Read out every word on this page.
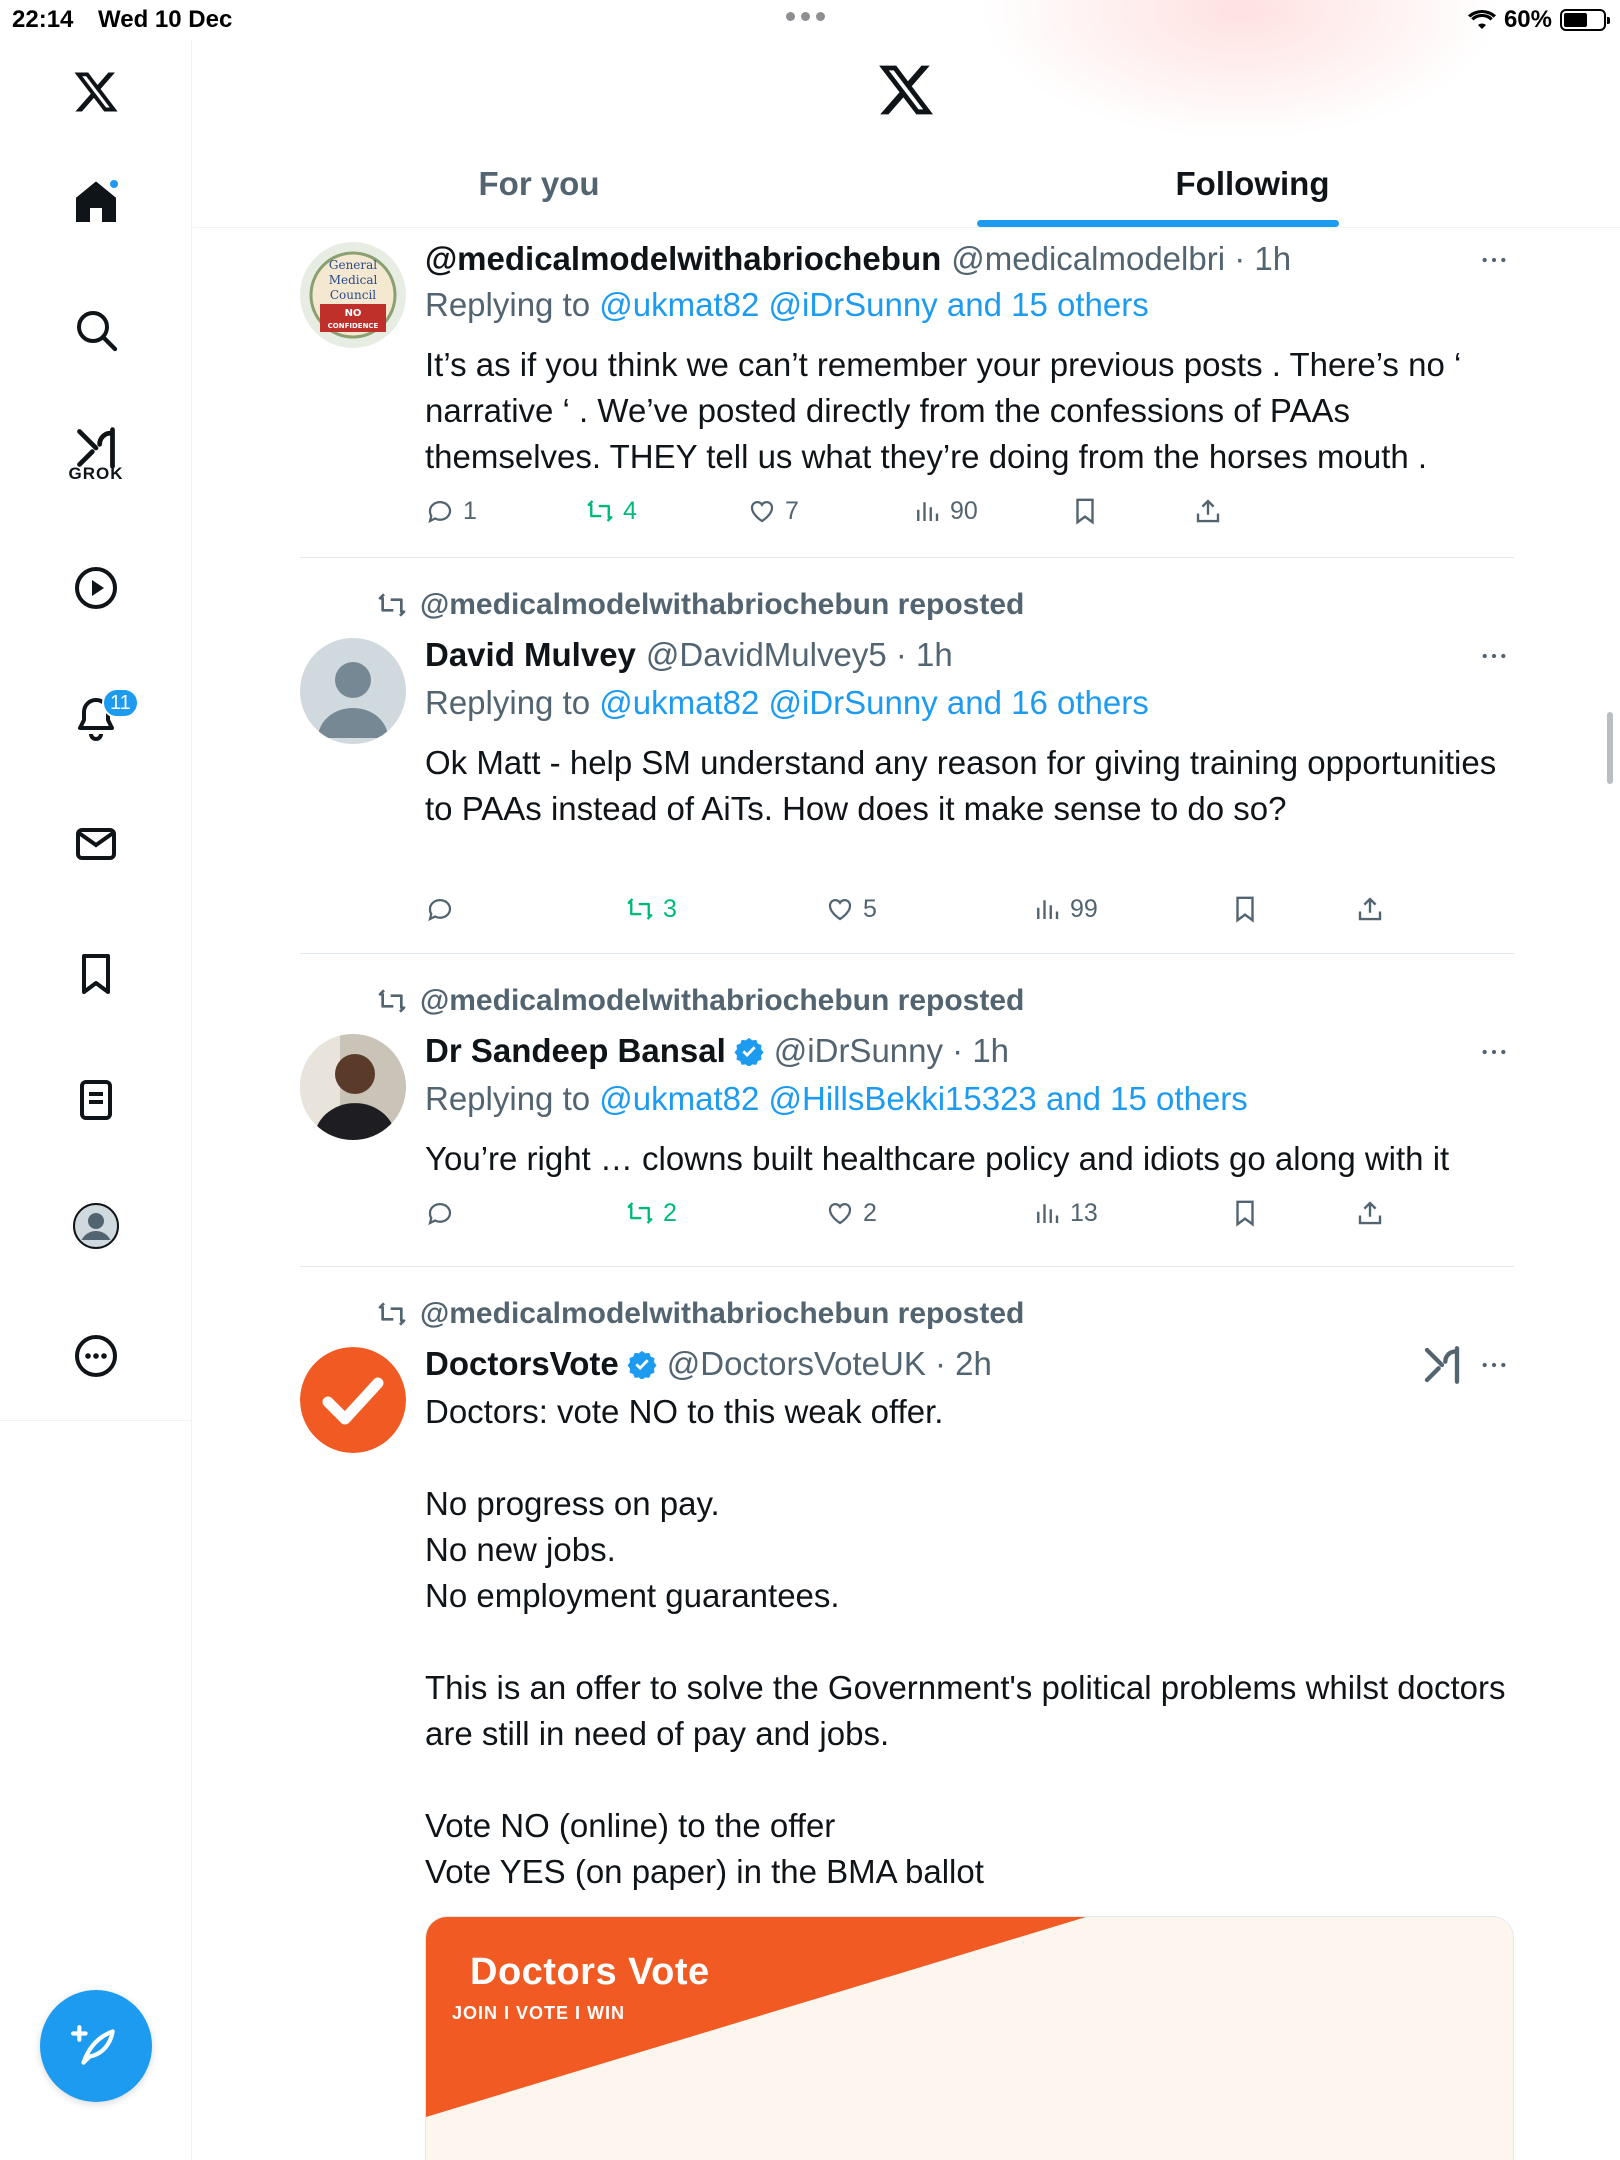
22:14 Wed 10 Dec	60%
GROK
11
For you	Following
General
Medical
Council
NO
CONFIDENCE
@medicalmodelwithabriochebun @medicalmodelbri · 1h
Replying to @ukmat82 @iDrSunny and 15 others
It’s as if you think we can’t remember your previous posts . There’s no ‘ narrative ‘ . We’ve posted directly from the confessions of PAAs themselves. THEY tell us what they’re doing from the horses mouth .
1	4	7	90
@medicalmodelwithabriochebun reposted
David Mulvey @DavidMulvey5 · 1h
Replying to @ukmat82 @iDrSunny and 16 others
Ok Matt - help SM understand any reason for giving training opportunities to PAAs instead of AiTs. How does it make sense to do so?
3	5	99
@medicalmodelwithabriochebun reposted
Dr Sandeep Bansal @iDrSunny · 1h
Replying to @ukmat82 @HillsBekki15323 and 15 others
You’re right … clowns built healthcare policy and idiots go along with it
2	2	13
@medicalmodelwithabriochebun reposted
DoctorsVote @DoctorsVoteUK · 2h
Doctors: vote NO to this weak offer.

No progress on pay.
No new jobs.
No employment guarantees.

This is an offer to solve the Government's political problems whilst doctors are still in need of pay and jobs.

Vote NO (online) to the offer
Vote YES (on paper) in the BMA ballot
Doctors Vote
JOIN I VOTE I WIN
